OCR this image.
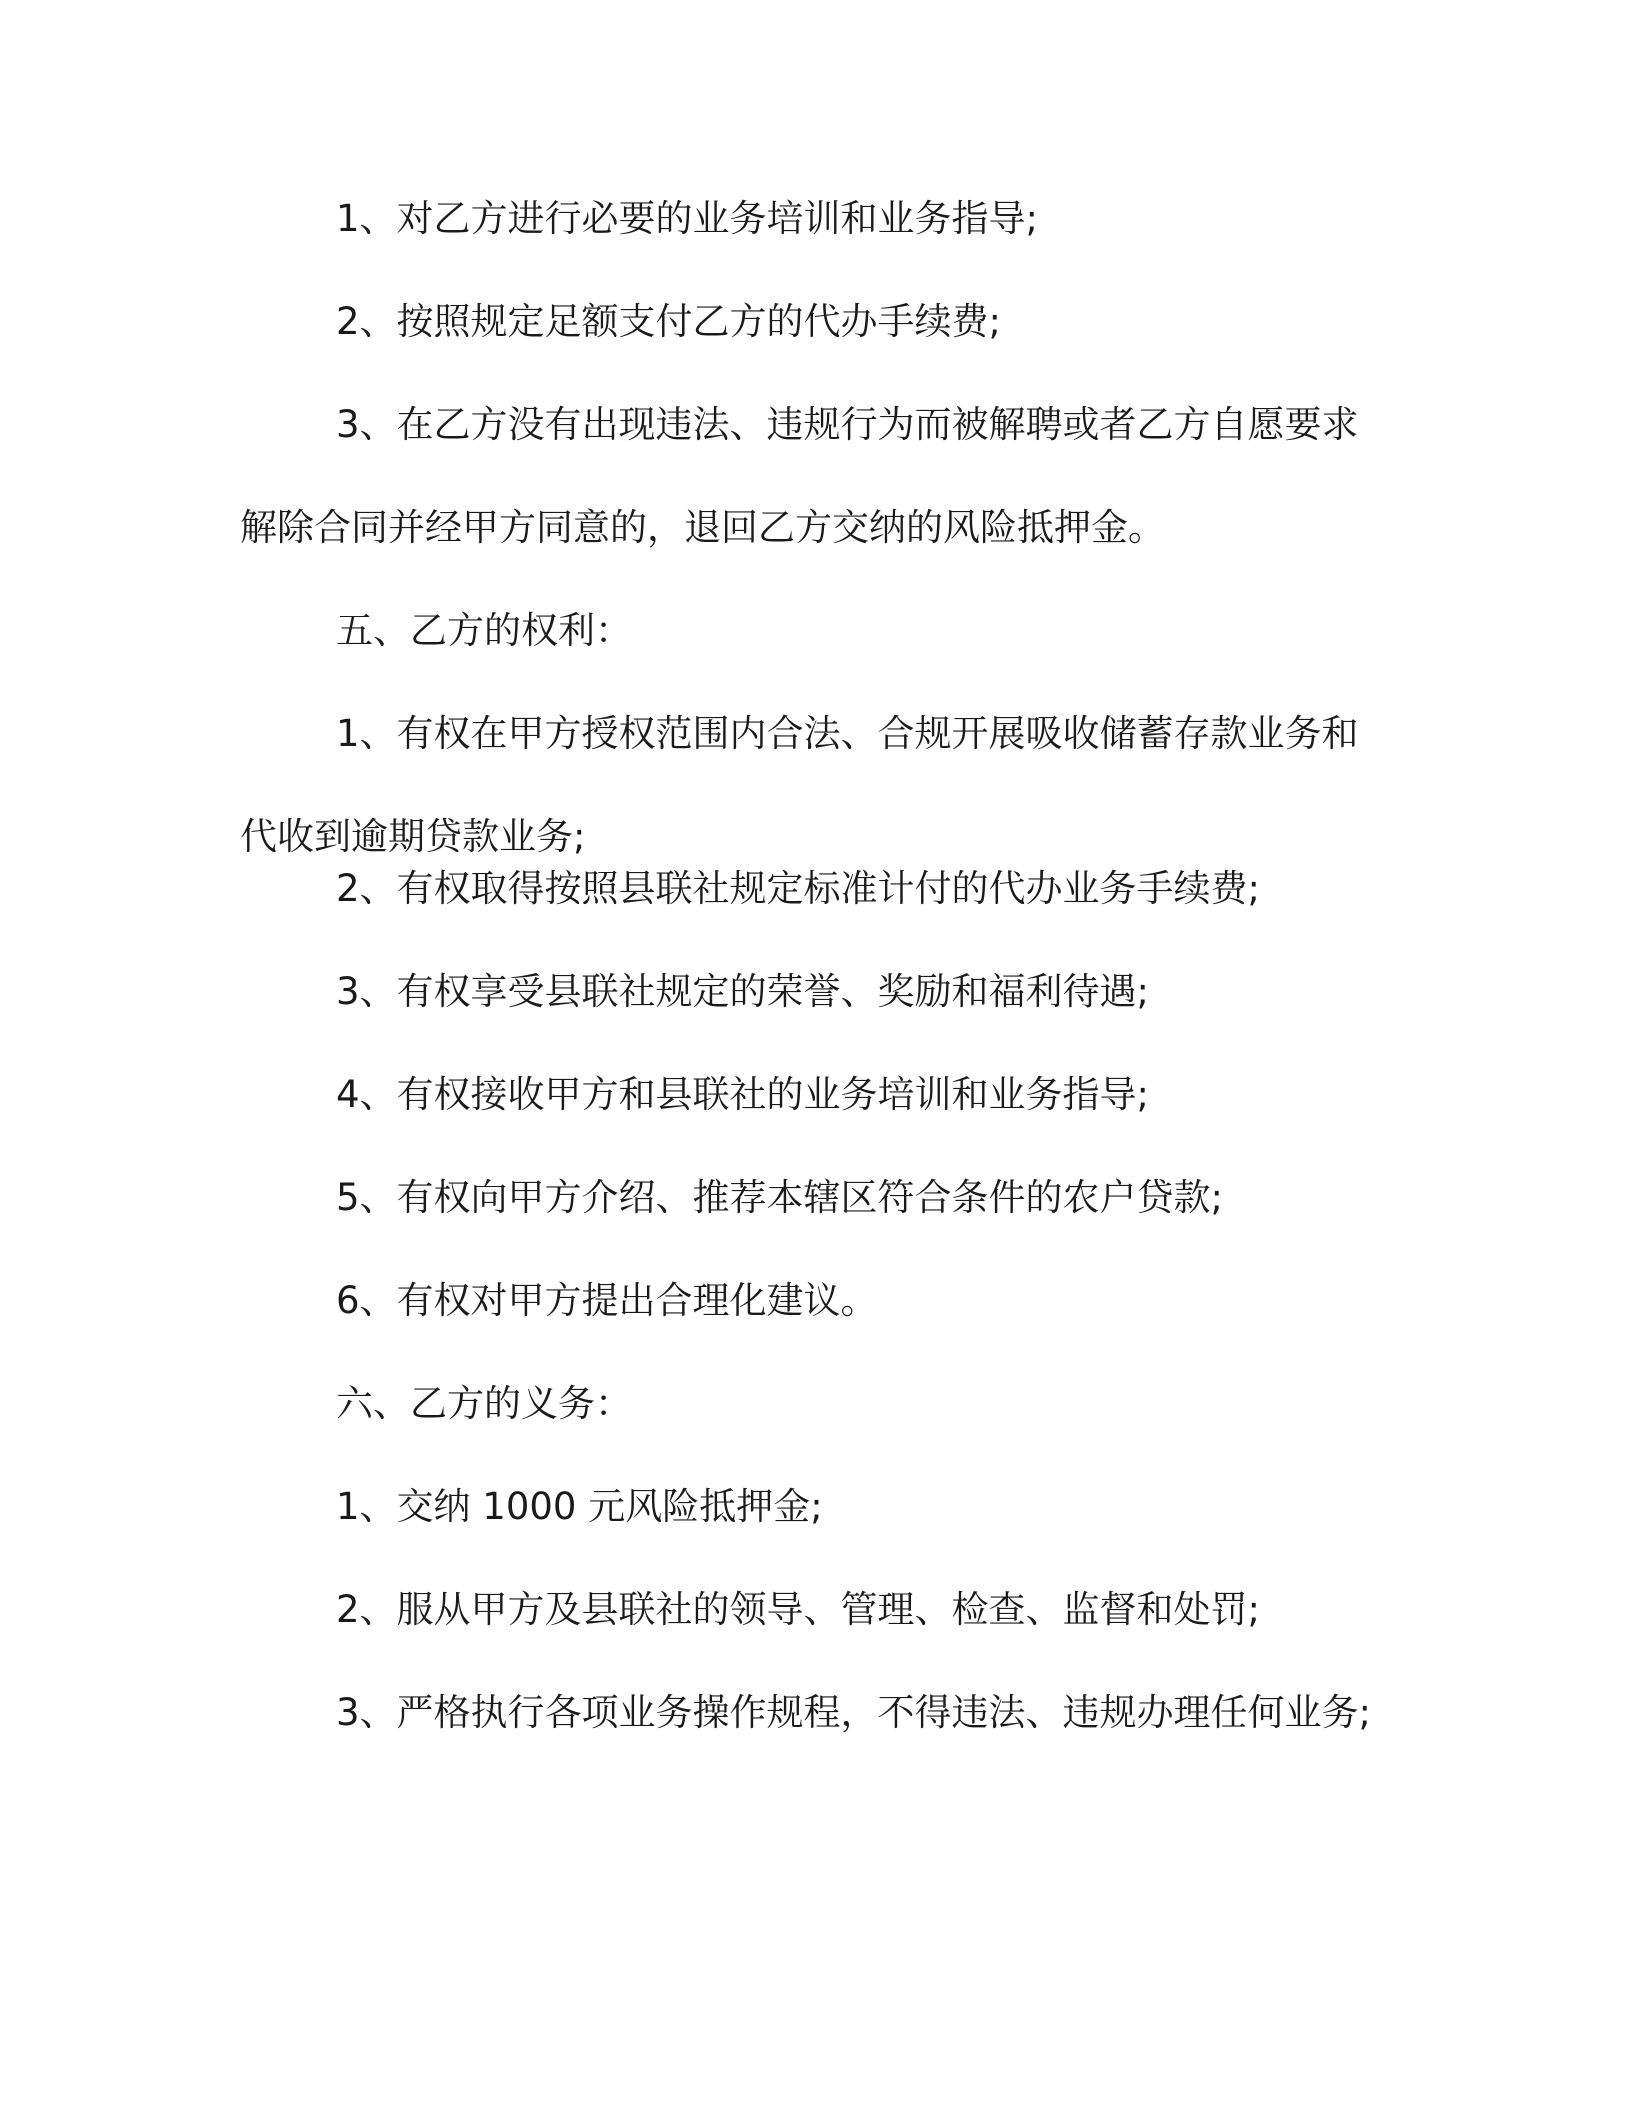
1、对乙方进行必要的业务培训和业务指导;

2、按照规定足额支付乙方的代办手续费;

3、在乙方没有出现违法、违规行为而被解聘或者乙方自愿要求解除合同并经甲方同意的，退回乙方交纳的风险抵押金。

五、乙方的权利：

1、有权在甲方授权范围内合法、合规开展吸收储蓄存款业务和代收到逾期贷款业务;

2、有权取得按照县联社规定标准计付的代办业务手续费;

3、有权享受县联社规定的荣誉、奖励和福利待遇;

4、有权接收甲方和县联社的业务培训和业务指导;

5、有权向甲方介绍、推荐本辖区符合条件的农户贷款;

6、有权对甲方提出合理化建议。

六、乙方的义务：

1、交纳 1000 元风险抵押金;

2、服从甲方及县联社的领导、管理、检查、监督和处罚;

3、严格执行各项业务操作规程，不得违法、违规办理任何业务;
